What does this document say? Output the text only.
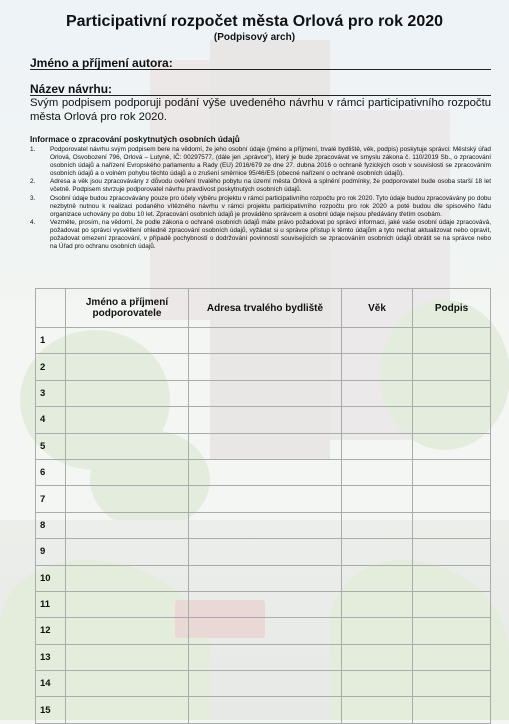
Participativní rozpočet města Orlová pro rok 2020
(Podpisový arch)
Jméno a příjmení autora:
Název návrhu:
Svým podpisem podporuji podání výše uvedeného návrhu v rámci participativního rozpočtu města Orlová pro rok 2020.
Informace o zpracování poskytnutých osobních údajů
1.	Podporovatel návrhu svým podpisem bere na vědomí, že jeho osobní údaje (jméno a příjmení, trvalé bydliště, věk, podpis) poskytuje správci: Městský úřad Orlová, Osvobození 796, Orlová – Lutyně, IČ: 00297577, (dále jen „správce“), který je bude zpracovávat ve smyslu zákona č. 110/2019 Sb., o zpracování osobních údajů a nařízení Evropského parlamentu a Rady (EU) 2016/679 ze dne 27. dubna 2016 o ochraně fyzických osob v souvislosti se zpracováním osobních údajů a o volném pohybu těchto údajů a o zrušení směrnice 95/46/ES (obecné nařízení o ochraně osobních údajů).
2.	Adresa a věk jsou zpracovávány z důvodu ověření trvalého pobytu na území města Orlová a splnění podmínky, že podporovatel bude osoba starší 18 let včetně. Podpisem stvrzuje podporovatel návrhu pravdivost poskytnutých osobních údajů.
3.	Osobní údaje budou zpracovávány pouze pro účely výběru projektu v rámci participativního rozpočtu pro rok 2020. Tyto údaje budou zpracovávány po dobu nezbytně nutnou k realizaci podaného vítězného návrhu v rámci projektu participativního rozpočtu pro rok 2020 a poté budou dle spisového řádu organizace uchovány po dobu 10 let. Zpracování osobních údajů je prováděno správcem a osobní údaje nejsou předávány třetím osobám.
4.	Vezměte, prosím, na vědomí, že podle zákona o ochraně osobních údajů máte právo požadovat po správci informaci, jaké vaše osobní údaje zpracovává, požadovat po správci vysvětlení ohledně zpracování osobních údajů, vyžádat si u správce přístup k těmto údajům a tyto nechat aktualizovat nebo opravit, požadovat omezení zpracování, v případě pochybností o dodržování povinností souvisejících se zpracováním osobních údajů obrátit se na správce nebo na Úřad pro ochranu osobních údajů.
	Jméno a příjmení podporovatele	Adresa trvalého bydliště	Věk	Podpis
1				
2				
3				
4				
5				
6				
7				
8				
9				
10				
11				
12				
13				
14				
15				
